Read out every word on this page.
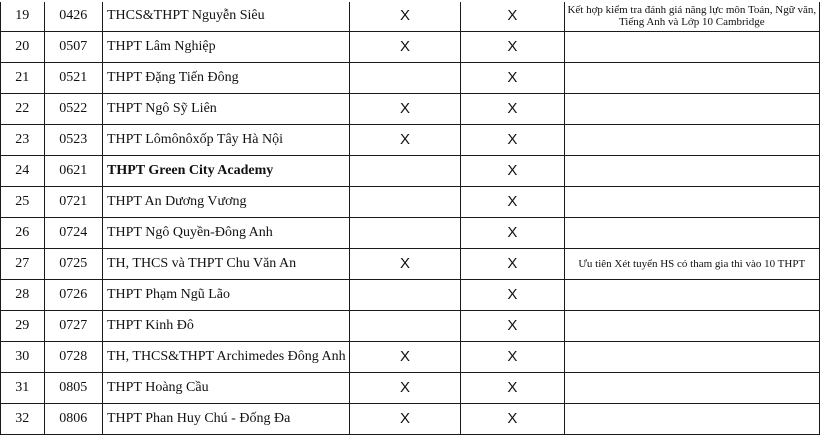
19	0426	THCS&THPT Nguyễn Siêu	X	X	Kết hợp kiểm tra đánh giá năng lực môn Toán, Ngữ văn, Tiếng Anh và Lớp 10 Cambridge
20	0507	THPT Lâm Nghiệp	X	X	
21	0521	THPT Đặng Tiến Đông		X	
22	0522	THPT Ngô Sỹ Liên	X	X	
23	0523	THPT Lômônôxốp Tây Hà Nội	X	X	
24	0621	THPT Green City Academy		X	
25	0721	THPT An Dương Vương		X	
26	0724	THPT Ngô Quyền-Đông Anh		X	
27	0725	TH, THCS và THPT Chu Văn An	X	X	Ưu tiên Xét tuyển HS có tham gia thi vào 10 THPT
28	0726	THPT Phạm Ngũ Lão		X	
29	0727	THPT Kinh Đô		X	
30	0728	TH, THCS&THPT Archimedes Đông Anh	X	X	
31	0805	THPT Hoàng Cầu	X	X	
32	0806	THPT Phan Huy Chú - Đống Đa	X	X	
